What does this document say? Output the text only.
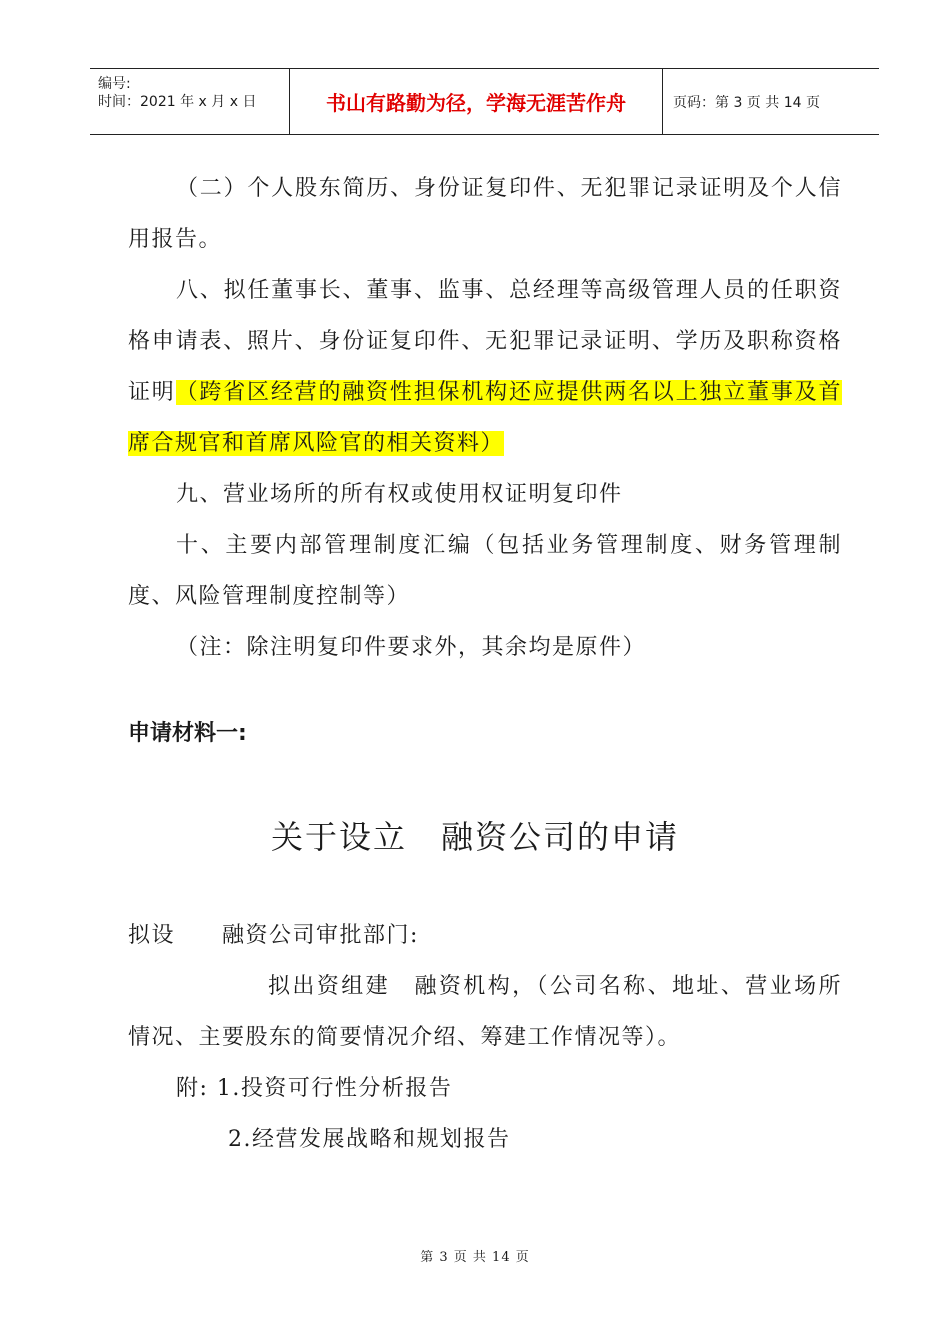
编号:
时间：2021 年 x 月 x 日	书山有路勤为径，学海无涯苦作舟	页码：第 3 页 共 14 页

（二）个人股东简历、身份证复印件、无犯罪记录证明及个人信用报告。

八、拟任董事长、董事、监事、总经理等高级管理人员的任职资格申请表、照片、身份证复印件、无犯罪记录证明、学历及职称资格证明（跨省区经营的融资性担保机构还应提供两名以上独立董事及首席合规官和首席风险官的相关资料）

九、营业场所的所有权或使用权证明复印件

十、主要内部管理制度汇编（包括业务管理制度、财务管理制度、风险管理制度控制等）

（注：除注明复印件要求外，其余均是原件）

申请材料一:
关于设立　融资公司的申请

拟设　　融资公司审批部门:

拟出资组建　融资机构，（公司名称、地址、营业场所情况、主要股东的简要情况介绍、筹建工作情况等）。

附: 1.投资可行性分析报告

2.经营发展战略和规划报告

第 3 页 共 14 页
